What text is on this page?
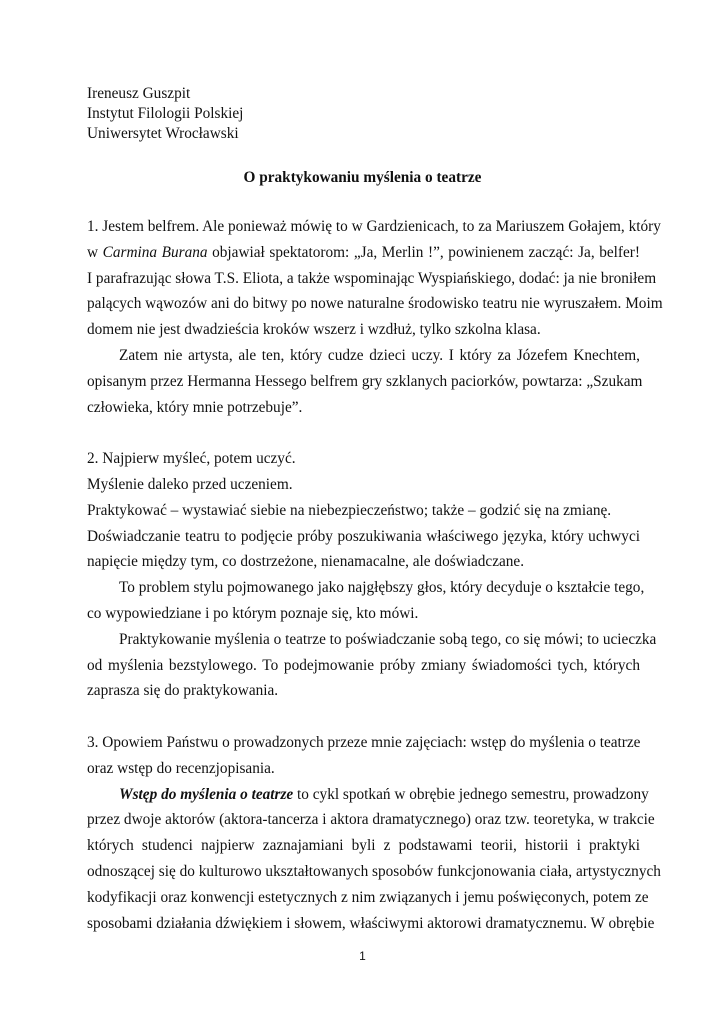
Ireneusz Guszpit
Instytut Filologii Polskiej
Uniwersytet Wrocławski
O praktykowaniu myślenia o teatrze
1. Jestem belfrem. Ale ponieważ mówię to w Gardzienicach, to za Mariuszem Gołajem, który
w Carmina Burana objawiał spektatorom: „Ja, Merlin !”, powinienem zacząć: Ja, belfer!
I parafrazując słowa T.S. Eliota, a także wspominając Wyspiańskiego, dodać: ja nie broniłem
palących wąwozów ani do bitwy po nowe naturalne środowisko teatru nie wyruszałem. Moim
domem nie jest dwadzieścia kroków wszerz i wzdłuż, tylko szkolna klasa.
Zatem nie artysta, ale ten, który cudze dzieci uczy. I który za Józefem Knechtem,
opisanym przez Hermanna Hessego belfrem gry szklanych paciorków, powtarza: „Szukam
człowieka, który mnie potrzebuje”.
2. Najpierw myśleć, potem uczyć.
Myślenie daleko przed uczeniem.
Praktykować – wystawiać siebie na niebezpieczeństwo; także – godzić się na zmianę.
Doświadczanie teatru to podjęcie próby poszukiwania właściwego języka, który uchwyci
napięcie między tym, co dostrzeżone, nienamacalne, ale doświadczane.
To problem stylu pojmowanego jako najgłębszy głos, który decyduje o kształcie tego,
co wypowiedziane i po którym poznaje się, kto mówi.
Praktykowanie myślenia o teatrze to poświadczanie sobą tego, co się mówi; to ucieczka
od myślenia bezstylowego. To podejmowanie próby zmiany świadomości tych, których
zaprasza się do praktykowania.
3. Opowiem Państwu o prowadzonych przeze mnie zajęciach: wstęp do myślenia o teatrze
oraz wstęp do recenzjopisania.
Wstęp do myślenia o teatrze to cykl spotkań w obrębie jednego semestru, prowadzony
przez dwoje aktorów (aktora-tancerza i aktora dramatycznego) oraz tzw. teoretyka, w trakcie
których studenci najpierw zaznajamiani byli z podstawami teorii, historii i praktyki
odnoszącej się do kulturowo ukształtowanych sposobów funkcjonowania ciała, artystycznych
kodyfikacji oraz konwencji estetycznych z nim związanych i jemu poświęconych, potem ze
sposobami działania dźwiękiem i słowem, właściwymi aktorowi dramatycznemu. W obrębie
1
